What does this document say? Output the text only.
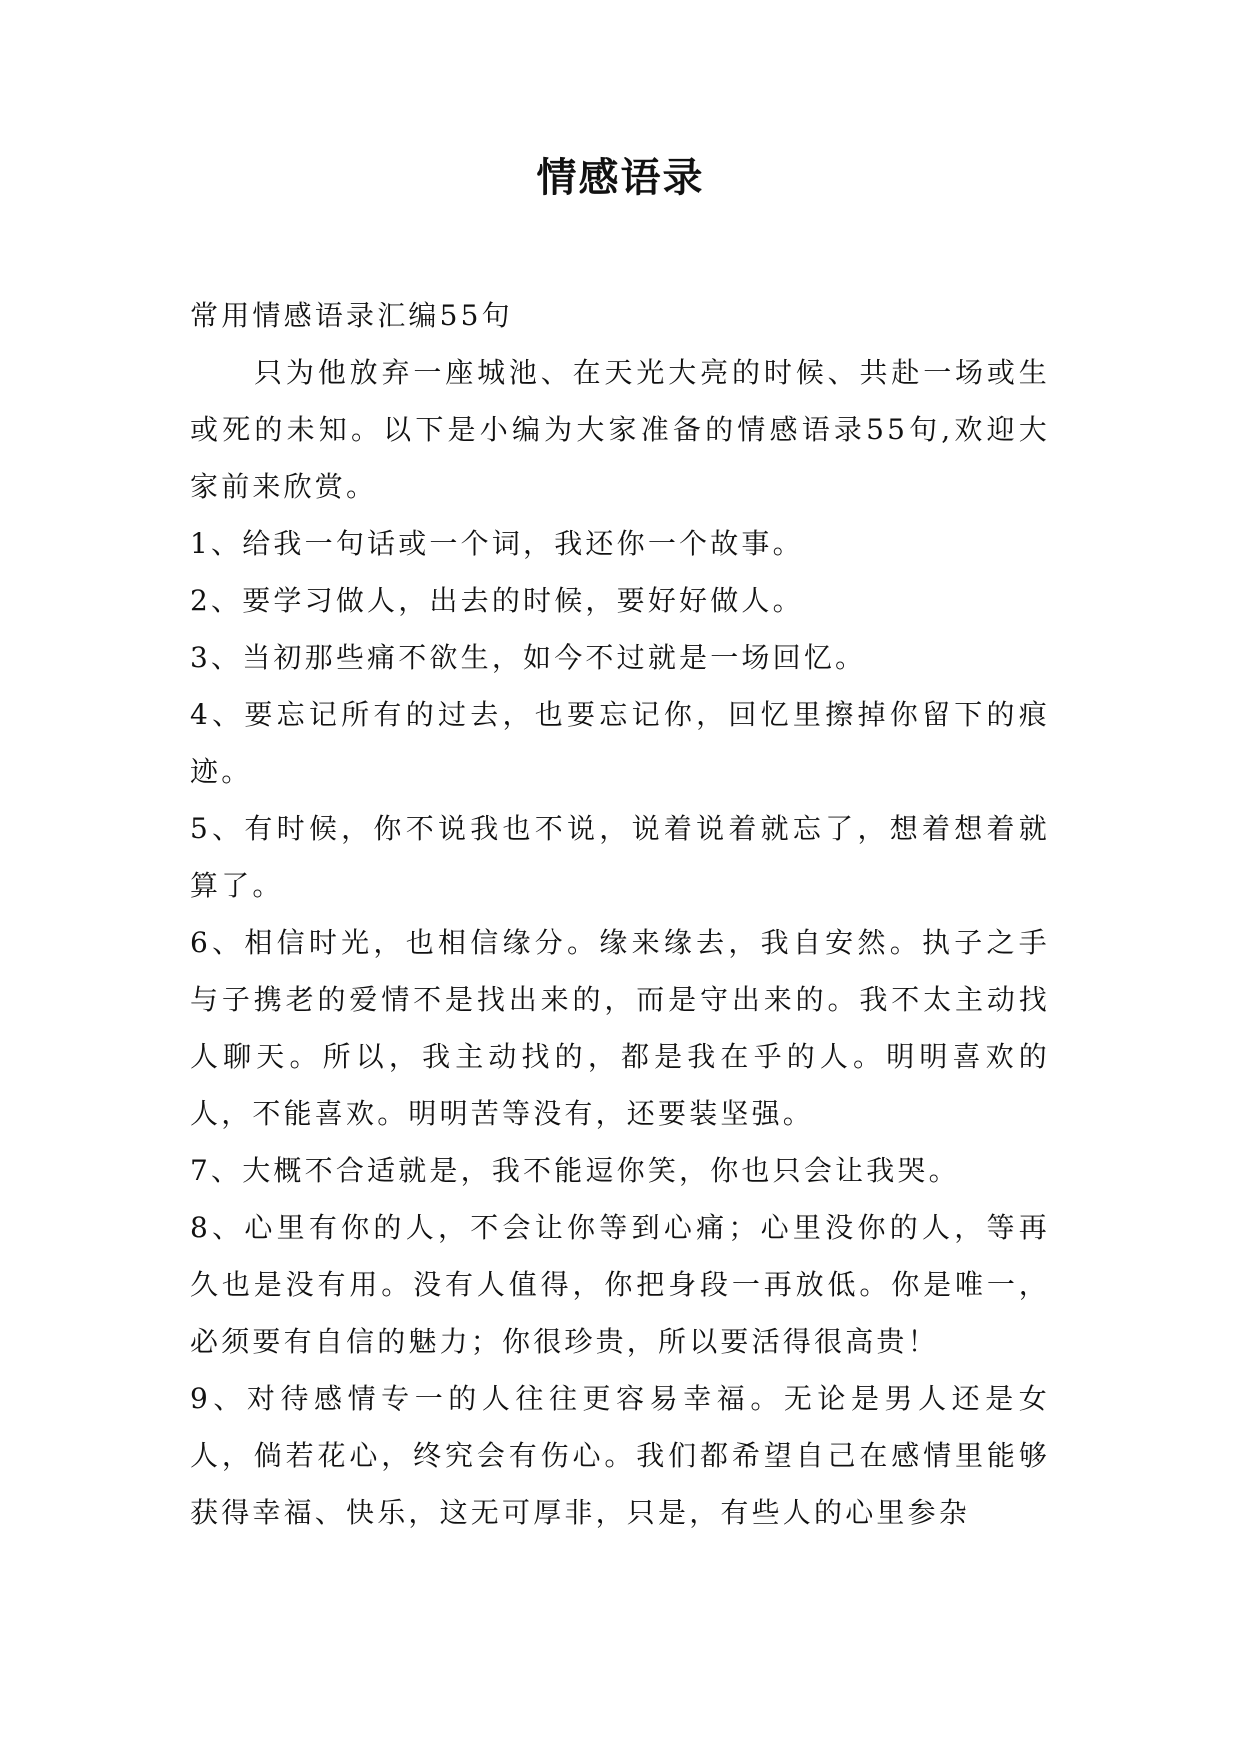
情感语录

常用情感语录汇编55句

只为他放弃一座城池、在天光大亮的时候、共赴一场或生或死的未知。以下是小编为大家准备的情感语录55句,欢迎大家前来欣赏。

1、给我一句话或一个词，我还你一个故事。

2、要学习做人，出去的时候，要好好做人。

3、当初那些痛不欲生，如今不过就是一场回忆。

4、要忘记所有的过去，也要忘记你，回忆里擦掉你留下的痕迹。

5、有时候，你不说我也不说，说着说着就忘了，想着想着就算了。

6、相信时光，也相信缘分。缘来缘去，我自安然。执子之手与子携老的爱情不是找出来的，而是守出来的。我不太主动找人聊天。所以，我主动找的，都是我在乎的人。明明喜欢的人，不能喜欢。明明苦等没有，还要装坚强。

7、大概不合适就是，我不能逗你笑，你也只会让我哭。

8、心里有你的人，不会让你等到心痛；心里没你的人，等再久也是没有用。没有人值得，你把身段一再放低。你是唯一，必须要有自信的魅力；你很珍贵，所以要活得很高贵！

9、对待感情专一的人往往更容易幸福。无论是男人还是女人，倘若花心，终究会有伤心。我们都希望自己在感情里能够获得幸福、快乐，这无可厚非，只是，有些人的心里参杂
